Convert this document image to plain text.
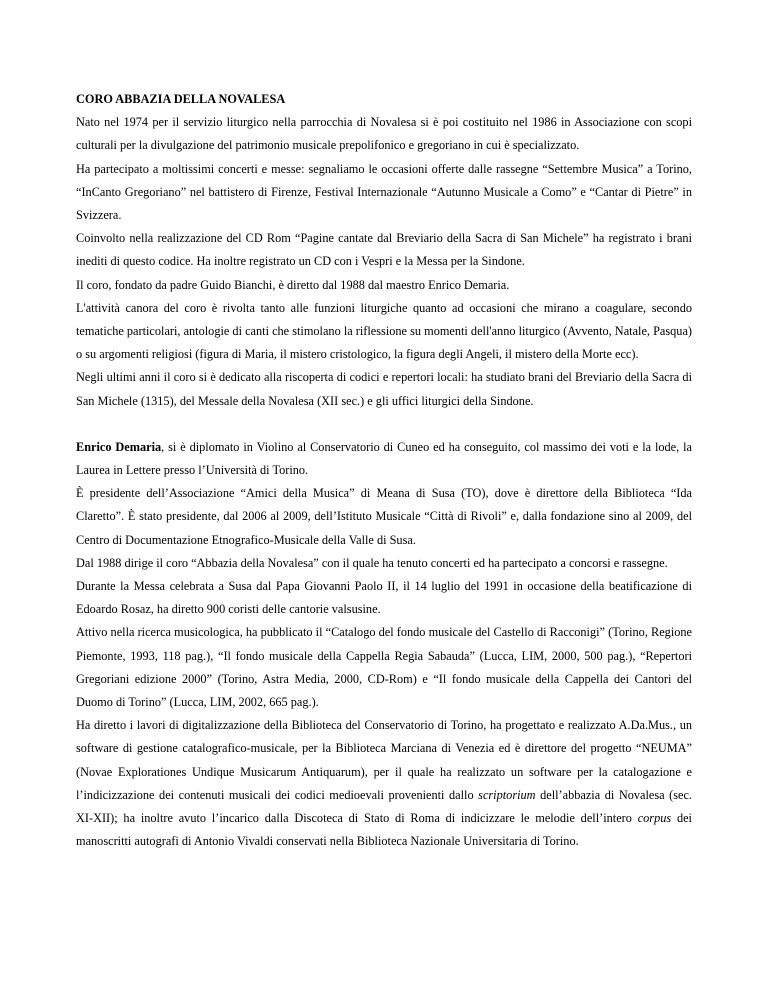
CORO ABBAZIA DELLA NOVALESA

Nato nel 1974 per il servizio liturgico nella parrocchia di Novalesa si è poi costituito nel 1986 in Associazione con scopi culturali per la divulgazione del patrimonio musicale prepolifonico e gregoriano in cui è specializzato.

Ha partecipato a moltissimi concerti e messe: segnaliamo le occasioni offerte dalle rassegne “Settembre Musica” a Torino, “InCanto Gregoriano” nel battistero di Firenze, Festival Internazionale “Autunno Musicale a Como” e “Cantar di Pietre” in Svizzera.

Coinvolto nella realizzazione del CD Rom “Pagine cantate dal Breviario della Sacra di San Michele” ha registrato i brani inediti di questo codice. Ha inoltre registrato un CD con i Vespri e la Messa per la Sindone.

Il coro, fondato da padre Guido Bianchi, è diretto dal 1988 dal maestro Enrico Demaria.

L'attività canora del coro è rivolta tanto alle funzioni liturgiche quanto ad occasioni che mirano a coagulare, secondo tematiche particolari, antologie di canti che stimolano la riflessione su momenti dell'anno liturgico (Avvento, Natale, Pasqua) o su argomenti religiosi (figura di Maria, il mistero cristologico, la figura degli Angeli, il mistero della Morte ecc).

Negli ultimi anni il coro si è dedicato alla riscoperta di codici e repertori locali: ha studiato brani del Breviario della Sacra di San Michele (1315), del Messale della Novalesa (XII sec.) e gli uffici liturgici della Sindone.

Enrico Demaria, si è diplomato in Violino al Conservatorio di Cuneo ed ha conseguito, col massimo dei voti e la lode, la Laurea in Lettere presso l’Università di Torino.

È presidente dell’Associazione “Amici della Musica” di Meana di Susa (TO), dove è direttore della Biblioteca “Ida Claretto”. È stato presidente, dal 2006 al 2009, dell’Istituto Musicale “Città di Rivoli” e, dalla fondazione sino al 2009, del Centro di Documentazione Etnografico-Musicale della Valle di Susa.

Dal 1988 dirige il coro “Abbazia della Novalesa” con il quale ha tenuto concerti ed ha partecipato a concorsi e rassegne.

Durante la Messa celebrata a Susa dal Papa Giovanni Paolo II, il 14 luglio del 1991 in occasione della beatificazione di Edoardo Rosaz, ha diretto 900 coristi delle cantorie valsusine.

Attivo nella ricerca musicologica, ha pubblicato il “Catalogo del fondo musicale del Castello di Racconigi” (Torino, Regione Piemonte, 1993, 118 pag.), “Il fondo musicale della Cappella Regia Sabauda” (Lucca, LIM, 2000, 500 pag.), “Repertori Gregoriani edizione 2000” (Torino, Astra Media, 2000, CD-Rom) e “Il fondo musicale della Cappella dei Cantori del Duomo di Torino” (Lucca, LIM, 2002, 665 pag.).

Ha diretto i lavori di digitalizzazione della Biblioteca del Conservatorio di Torino, ha progettato e realizzato A.Da.Mus., un software di gestione catalografico-musicale, per la Biblioteca Marciana di Venezia ed è direttore del progetto “NEUMA” (Novae Explorationes Undique Musicarum Antiquarum), per il quale ha realizzato un software per la catalogazione e l’indicizzazione dei contenuti musicali dei codici medioevali provenienti dallo scriptorium dell’abbazia di Novalesa (sec. XI-XII); ha inoltre avuto l’incarico dalla Discoteca di Stato di Roma di indicizzare le melodie dell’intero corpus dei manoscritti autografi di Antonio Vivaldi conservati nella Biblioteca Nazionale Universitaria di Torino.
